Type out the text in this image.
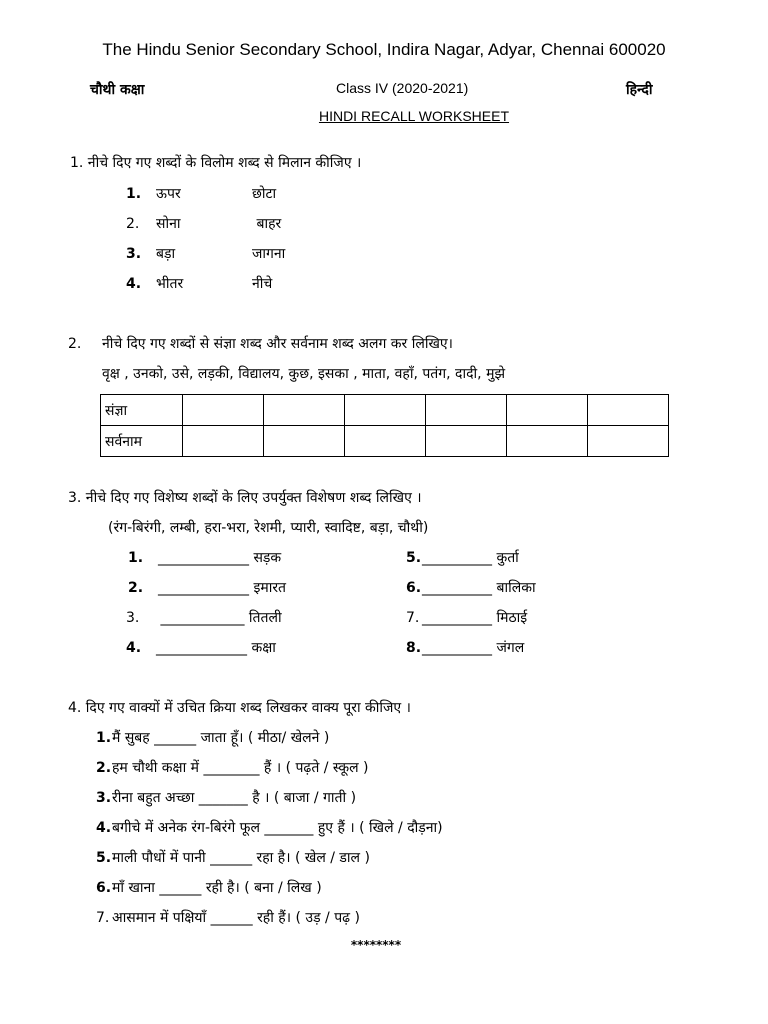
The Hindu Senior Secondary School, Indira Nagar, Adyar, Chennai 600020
चौथी कक्षा	Class IV (2020-2021)	हिन्दी
HINDI RECALL WORKSHEET
1. नीचे दिए गए शब्दों के विलोम शब्द से मिलान कीजिए ।
1. ऊपर	छोटा
2. सोना	बाहर
3. बड़ा	जागना
4. भीतर	नीचे
2. नीचे दिए गए शब्दों से संज्ञा शब्द और सर्वनाम शब्द अलग कर लिखिए।
वृक्ष , उनको, उसे, लड़की, विद्यालय, कुछ, इसका , माता, वहाँ, पतंग, दादी, मुझे
संज्ञा						
सर्वनाम						
3. नीचे दिए गए विशेष्य शब्दों के लिए उपर्युक्त विशेषण शब्द लिखिए ।
(रंग-बिरंगी, लम्बी, हरा-भरा, रेशमी, प्यारी, स्वादिष्ट, बड़ा, चौथी)
1. _____________ सड़क
2. _____________ इमारत
3. ____________ तितली
4. _____________ कक्षा
5.__________ कुर्ता
6.__________ बालिका
7. __________ मिठाई
8.__________ जंगल
4. दिए गए वाक्यों में उचित क्रिया शब्द लिखकर वाक्य पूरा कीजिए ।
1.मैं सुबह ______ जाता हूँ। ( मीठा/ खेलने )
2.हम चौथी कक्षा में ________ हैं । ( पढ़ते / स्कूल )
3.रीना बहुत अच्छा _______ है । ( बाजा / गाती )
4.बगीचे में अनेक रंग-बिरंगे फूल _______ हुए हैं । ( खिले / दौड़ना)
5.माली पौधों में पानी ______ रहा है। ( खेल / डाल )
6.माँ खाना ______ रही है। ( बना / लिख )
7. आसमान में पक्षियाँ ______ रही हैं। ( उड़ / पढ़ )
********
